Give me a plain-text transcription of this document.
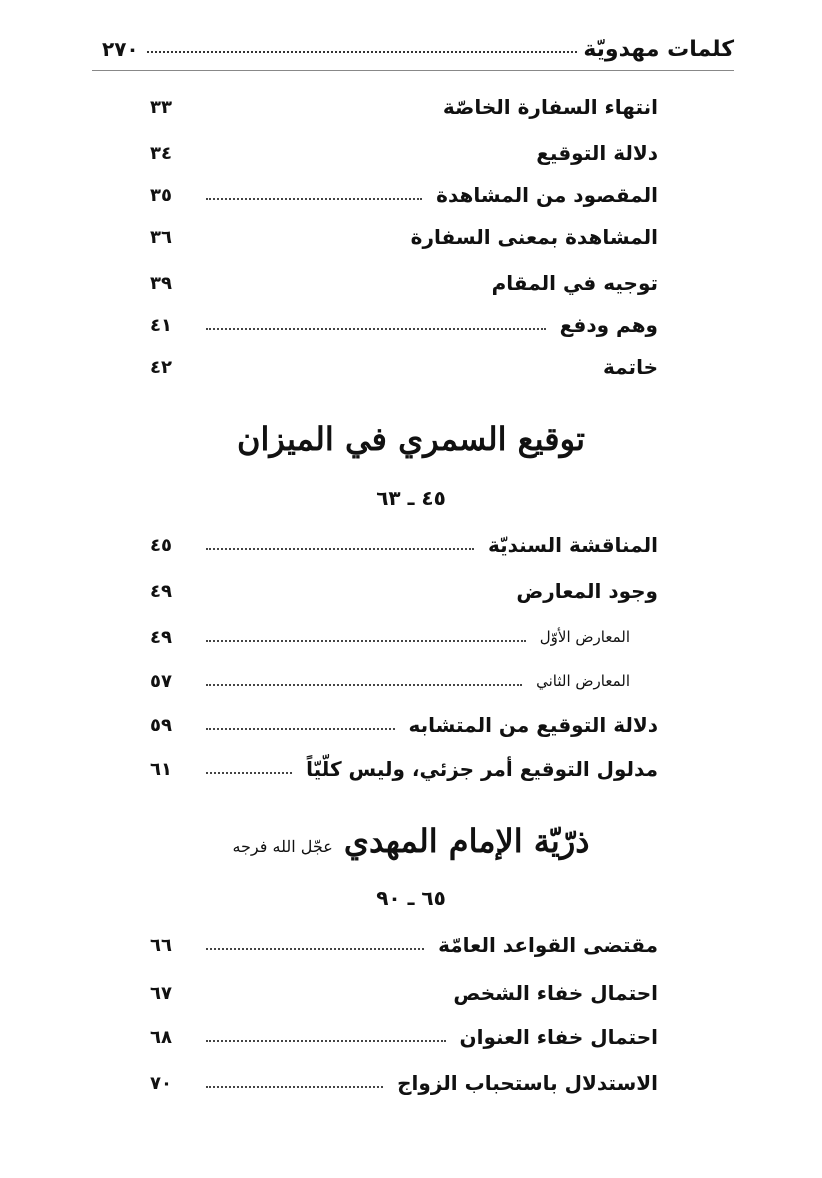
كلمات مهدويّة
٢٧٠
انتهاء السفارة الخاصّة
٣٣
دلالة التوقيع
٣٤
المقصود من المشاهدة
٣٥
المشاهدة بمعنى السفارة
٣٦
توجيه في المقام
٣٩
وهم ودفع
٤١
خاتمة
٤٢
توقيع السمري في الميزان
٤٥ ـ ٦٣
المناقشة السنديّة
٤٥
وجود المعارض
٤٩
المعارض الأوّل
٤٩
المعارض الثاني
٥٧
دلالة التوقيع من المتشابه
٥٩
مدلول التوقيع أمر جزئي، وليس كلّيّاً
٦١
ذرّيّة الإمام المهدي عجّل الله فرجه
٦٥ ـ ٩٠
مقتضى القواعد العامّة
٦٦
احتمال خفاء الشخص
٦٧
احتمال خفاء العنوان
٦٨
الاستدلال باستحباب الزواج
٧٠
